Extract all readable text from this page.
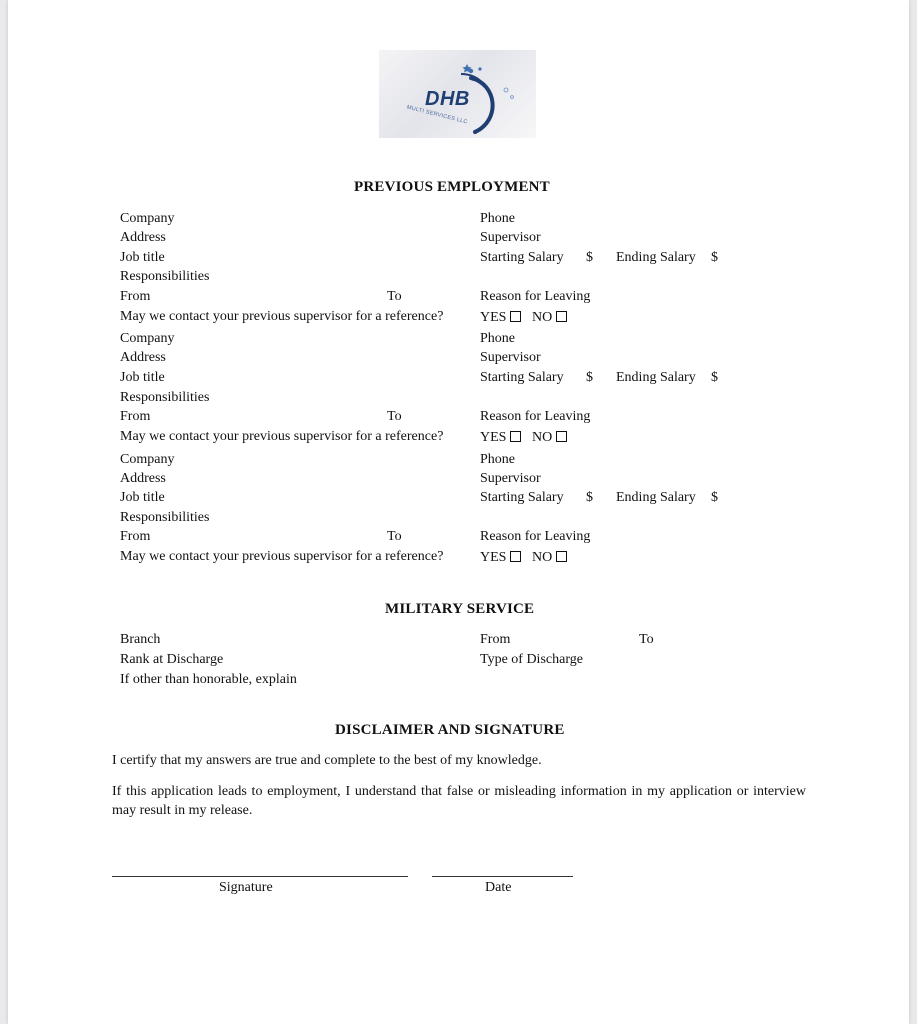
DHB
MULTI SERVICES LLC
PREVIOUS EMPLOYMENT
Company	Phone
Address	Supervisor
Job title	Starting Salary $ Ending Salary $
Responsibilities
From	To	Reason for Leaving
May we contact your previous supervisor for a reference?	YES NO
Company	Phone
Address	Supervisor
Job title	Starting Salary $ Ending Salary $
Responsibilities
From	To	Reason for Leaving
May we contact your previous supervisor for a reference?	YES NO
Company	Phone
Address	Supervisor
Job title	Starting Salary $ Ending Salary $
Responsibilities
From	To	Reason for Leaving
May we contact your previous supervisor for a reference?	YES NO
MILITARY SERVICE
Branch	From	To
Rank at Discharge	Type of Discharge
If other than honorable, explain
DISCLAIMER AND SIGNATURE
I certify that my answers are true and complete to the best of my knowledge.
If this application leads to employment, I understand that false or misleading information in my application or interview may result in my release.
Signature	Date
